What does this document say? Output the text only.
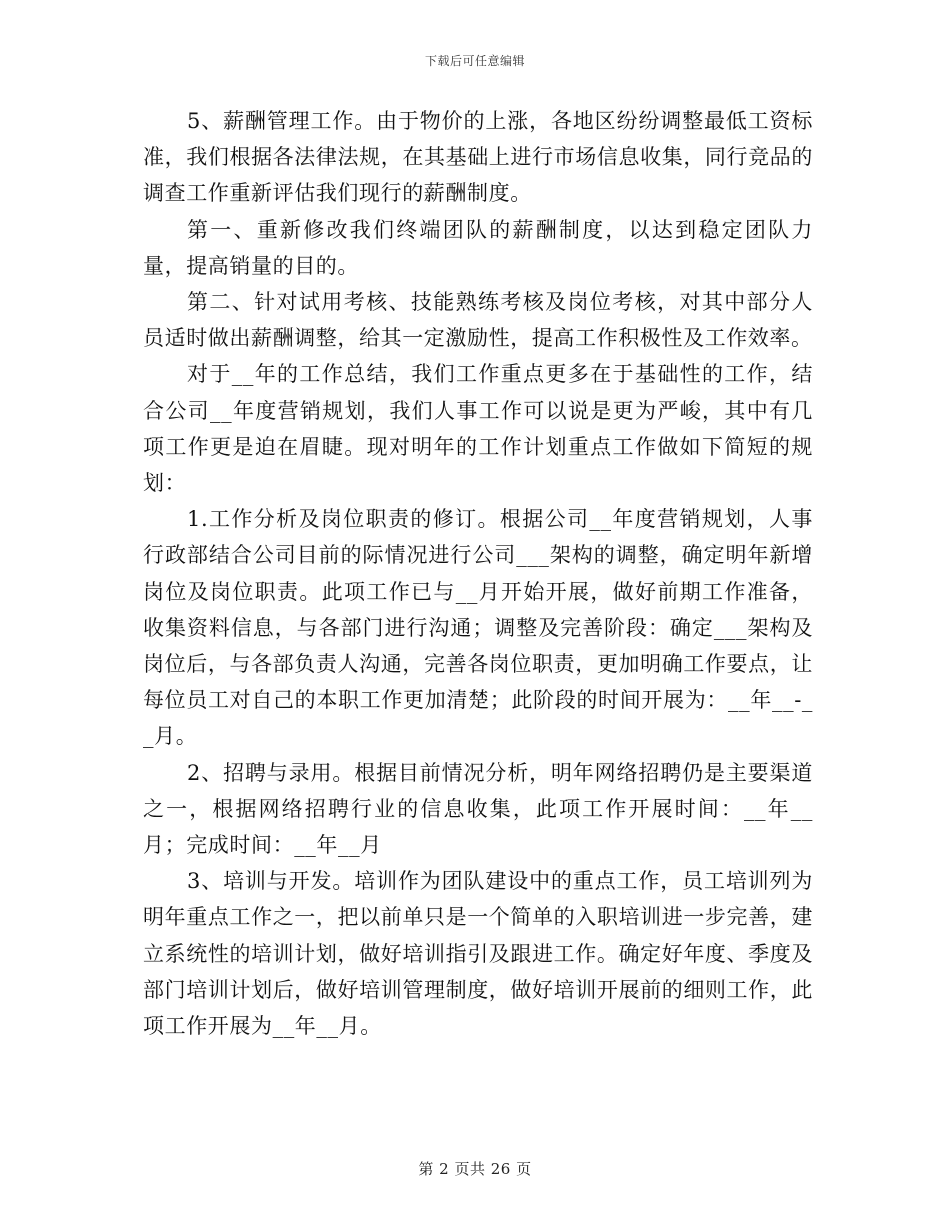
下载后可任意编辑

5、薪酬管理工作。由于物价的上涨，各地区纷纷调整最低工资标准，我们根据各法律法规，在其基础上进行市场信息收集，同行竞品的调查工作重新评估我们现行的薪酬制度。

第一、重新修改我们终端团队的薪酬制度，以达到稳定团队力量，提高销量的目的。

第二、针对试用考核、技能熟练考核及岗位考核，对其中部分人员适时做出薪酬调整，给其一定激励性，提高工作积极性及工作效率。

对于__年的工作总结，我们工作重点更多在于基础性的工作，结合公司__年度营销规划，我们人事工作可以说是更为严峻，其中有几项工作更是迫在眉睫。现对明年的工作计划重点工作做如下简短的规划：

1.工作分析及岗位职责的修订。根据公司__年度营销规划，人事行政部结合公司目前的际情况进行公司___架构的调整，确定明年新增岗位及岗位职责。此项工作已与__月开始开展，做好前期工作准备，收集资料信息，与各部门进行沟通；调整及完善阶段：确定___架构及岗位后，与各部负责人沟通，完善各岗位职责，更加明确工作要点，让每位员工对自己的本职工作更加清楚；此阶段的时间开展为：__年__-__月。

2、招聘与录用。根据目前情况分析，明年网络招聘仍是主要渠道之一，根据网络招聘行业的信息收集，此项工作开展时间：__年__月；完成时间：__年__月

3、培训与开发。培训作为团队建设中的重点工作，员工培训列为明年重点工作之一，把以前单只是一个简单的入职培训进一步完善，建立系统性的培训计划，做好培训指引及跟进工作。确定好年度、季度及部门培训计划后，做好培训管理制度，做好培训开展前的细则工作，此项工作开展为__年__月。

第 2 页共 26 页
